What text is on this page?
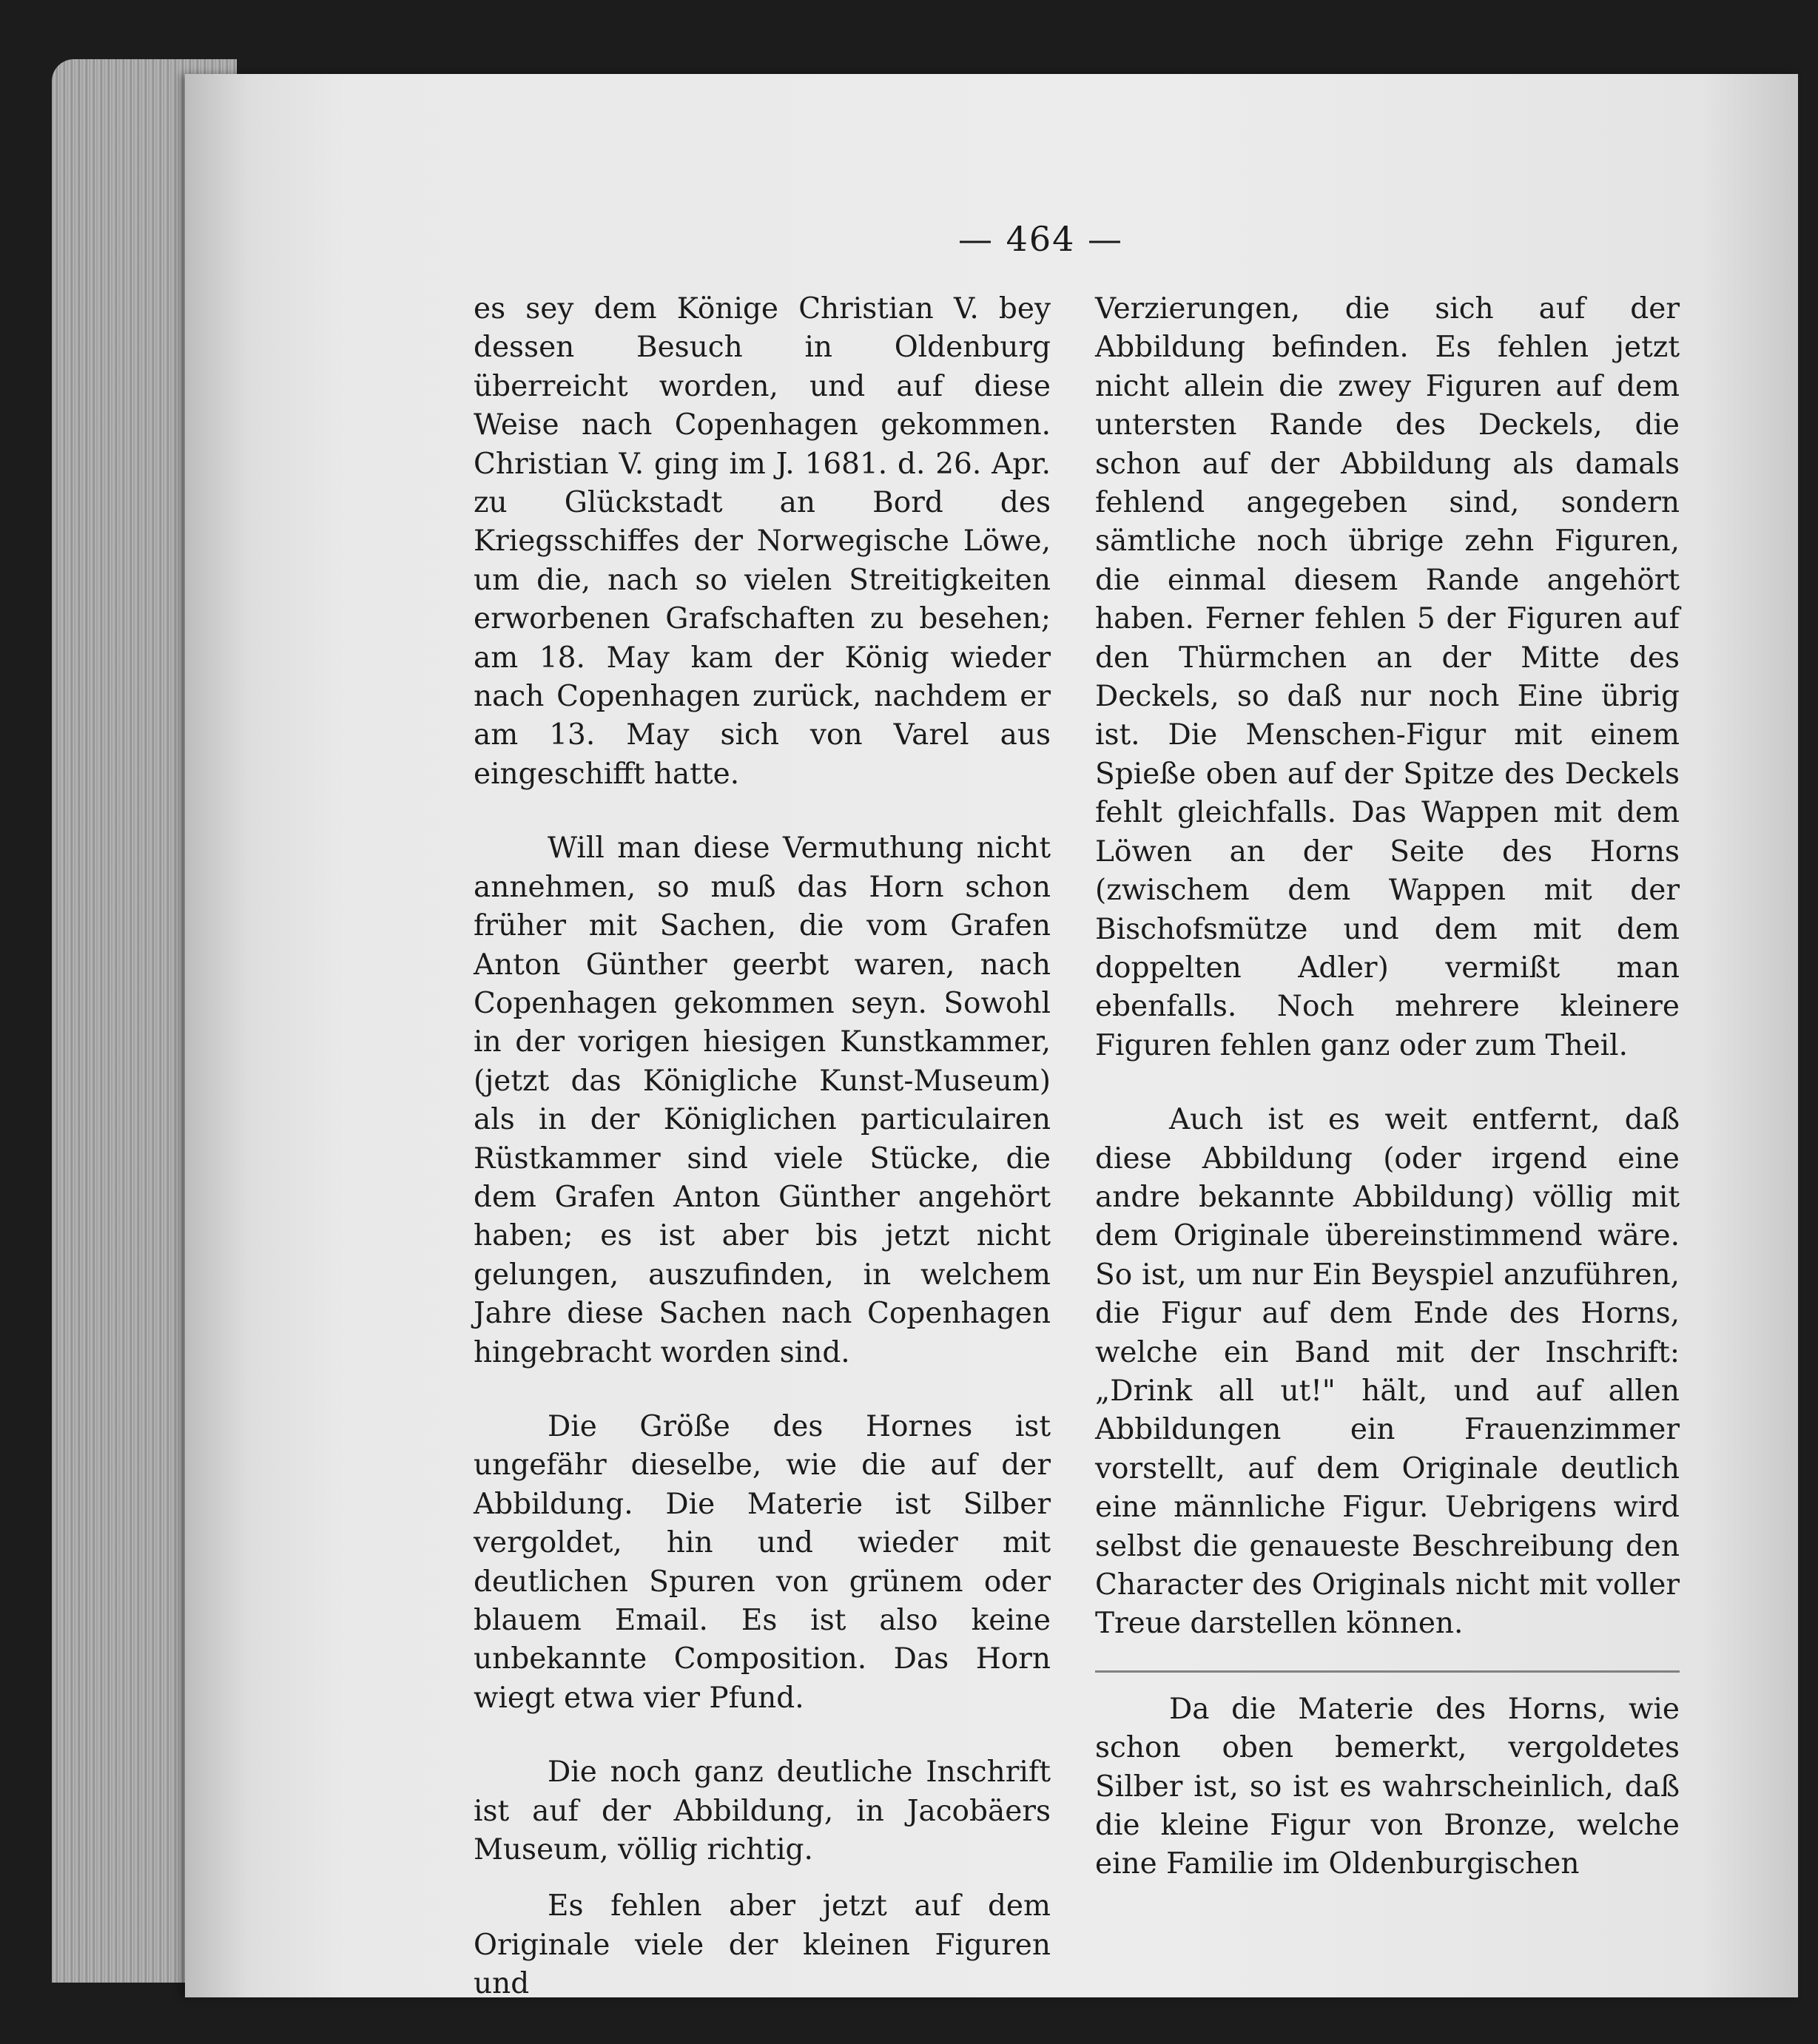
— 464 —

es sey dem Könige Christian V. bey dessen Besuch in Oldenburg überreicht worden, und auf diese Weise nach Copenhagen gekommen. Christian V. ging im J. 1681. d. 26. Apr. zu Glückstadt an Bord des Kriegsschiffes der Norwegische Löwe, um die, nach so vielen Streitigkeiten erworbenen Grafschaften zu besehen; am 18. May kam der König wieder nach Copenhagen zurück, nachdem er am 13. May sich von Varel aus eingeschifft hatte.

Will man diese Vermuthung nicht annehmen, so muß das Horn schon früher mit Sachen, die vom Grafen Anton Günther geerbt waren, nach Copenhagen gekommen seyn. Sowohl in der vorigen hiesigen Kunstkammer, (jetzt das Königliche Kunst-Museum) als in der Königlichen particulairen Rüstkammer sind viele Stücke, die dem Grafen Anton Günther angehört haben; es ist aber bis jetzt nicht gelungen, auszufinden, in welchem Jahre diese Sachen nach Copenhagen hingebracht worden sind.

Die Größe des Hornes ist ungefähr dieselbe, wie die auf der Abbildung. Die Materie ist Silber vergoldet, hin und wieder mit deutlichen Spuren von grünem oder blauem Email. Es ist also keine unbekannte Composition. Das Horn wiegt etwa vier Pfund.

Die noch ganz deutliche Inschrift ist auf der Abbildung, in Jacobäers Museum, völlig richtig.

Es fehlen aber jetzt auf dem Originale viele der kleinen Figuren und

Verzierungen, die sich auf der Abbildung befinden. Es fehlen jetzt nicht allein die zwey Figuren auf dem untersten Rande des Deckels, die schon auf der Abbildung als damals fehlend angegeben sind, sondern sämtliche noch übrige zehn Figuren, die einmal diesem Rande angehört haben. Ferner fehlen 5 der Figuren auf den Thürmchen an der Mitte des Deckels, so daß nur noch Eine übrig ist. Die Menschen-Figur mit einem Spieße oben auf der Spitze des Deckels fehlt gleichfalls. Das Wappen mit dem Löwen an der Seite des Horns (zwischem dem Wappen mit der Bischofsmütze und dem mit dem doppelten Adler) vermißt man ebenfalls. Noch mehrere kleinere Figuren fehlen ganz oder zum Theil.

Auch ist es weit entfernt, daß diese Abbildung (oder irgend eine andre bekannte Abbildung) völlig mit dem Originale übereinstimmend wäre. So ist, um nur Ein Beyspiel anzuführen, die Figur auf dem Ende des Horns, welche ein Band mit der Inschrift: „Drink all ut!" hält, und auf allen Abbildungen ein Frauenzimmer vorstellt, auf dem Originale deutlich eine männliche Figur. Uebrigens wird selbst die genaueste Beschreibung den Character des Originals nicht mit voller Treue darstellen können.

Da die Materie des Horns, wie schon oben bemerkt, vergoldetes Silber ist, so ist es wahrscheinlich, daß die kleine Figur von Bronze, welche eine Familie im Oldenburgischen
